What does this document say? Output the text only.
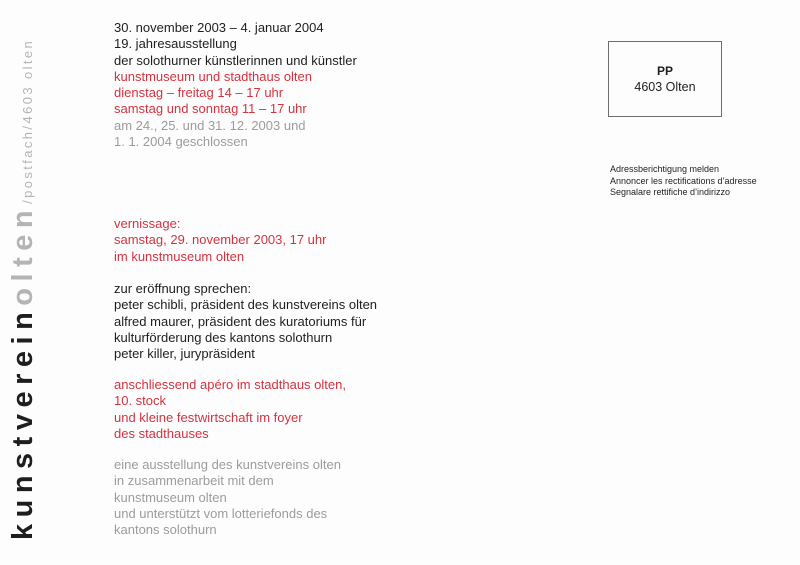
kunstvereinolten/postfach/4603 olten
30. november 2003 – 4. januar 2004
19. jahresausstellung
der solothurner künstlerinnen und künstler
kunstmuseum und stadthaus olten
dienstag – freitag 14 – 17 uhr
samstag und sonntag 11 – 17 uhr
am 24., 25. und 31. 12. 2003 und
1. 1. 2004 geschlossen
vernissage:
samstag, 29. november 2003, 17 uhr
im kunstmuseum olten
zur eröffnung sprechen:
peter schibli, präsident des kunstvereins olten
alfred maurer, präsident des kuratoriums für
kulturförderung des kantons solothurn
peter killer, jurypräsident
anschliessend apéro im stadthaus olten,
10. stock
und kleine festwirtschaft im foyer
des stadthauses
eine ausstellung des kunstvereins olten
in zusammenarbeit mit dem
kunstmuseum olten
und unterstützt vom lotteriefonds des
kantons solothurn
PP
4603 Olten
Adressberichtigung melden
Annoncer les rectifications d’adresse
Segnalare rettifiche d’indirizzo
